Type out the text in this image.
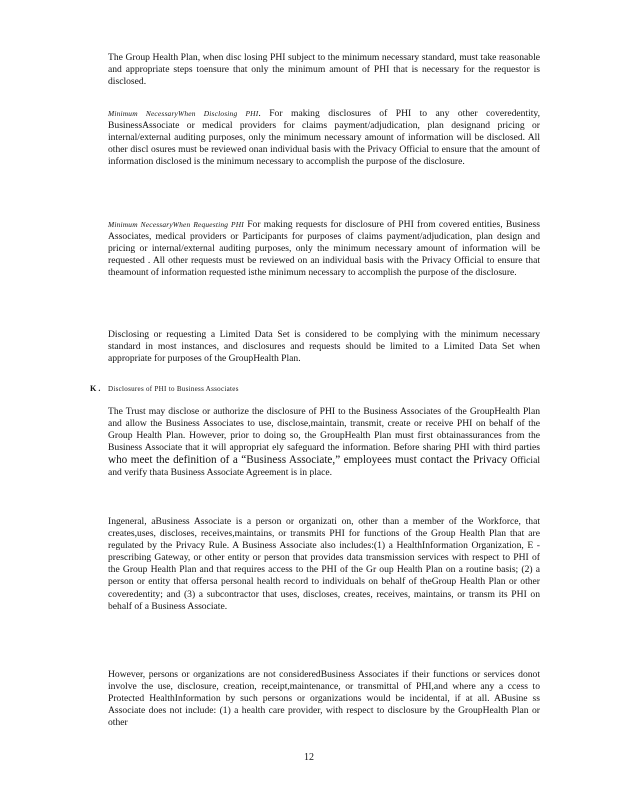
The Group Health Plan, when disc losing PHI subject to the minimum necessary standard, must take reasonable and appropriate steps toensure that only the minimum amount of PHI that is necessary for the requestor is disclosed.

Minimum NecessaryWhen Disclosing PHI. For making disclosures of PHI to any other coveredentity, BusinessAssociate or medical providers for claims payment/adjudication, plan designand pricing or internal/external auditing purposes, only the minimum necessary amount of information will be disclosed. All other discl osures must be reviewed onan individual basis with the Privacy Official to ensure that the amount of information disclosed is the minimum necessary to accomplish the purpose of the disclosure.

Minimum NecessaryWhen Requesting PHI For making requests for disclosure of PHI from covered entities, Business Associates, medical providers or Participants for purposes of claims payment/adjudication, plan design and pricing or internal/external auditing purposes, only the minimum necessary amount of information will be requested . All other requests must be reviewed on an individual basis with the Privacy Official to ensure that theamount of information requested isthe minimum necessary to accomplish the purpose of the disclosure.

Disclosing or requesting a Limited Data Set is considered to be complying with the minimum necessary standard in most instances, and disclosures and requests should be limited to a Limited Data Set when appropriate for purposes of the GroupHealth Plan.

K . Disclosures of PHI to Business Associates

The Trust may disclose or authorize the disclosure of PHI to the Business Associates of the GroupHealth Plan and allow the Business Associates to use, disclose,maintain, transmit, create or receive PHI on behalf of the Group Health Plan. However, prior to doing so, the GroupHealth Plan must first obtainassurances from the Business Associate that it will appropriat ely safeguard the information. Before sharing PHI with third parties who meet the definition of a “Business Associate,” employees must contact the Privacy Official and verify thata Business Associate Agreement is in place.

Ingeneral, aBusiness Associate is a person or organizati on, other than a member of the Workforce, that creates,uses, discloses, receives,maintains, or transmits PHI for functions of the Group Health Plan that are regulated by the Privacy Rule. A Business Associate also includes:(1) a HealthInformation Organization, E -prescribing Gateway, or other entity or person that provides data transmission services with respect to PHI of the Group Health Plan and that requires access to the PHI of the Gr oup Health Plan on a routine basis; (2) a person or entity that offersa personal health record to individuals on behalf of theGroup Health Plan or other coveredentity; and (3) a subcontractor that uses, discloses, creates, receives, maintains, or transm its PHI on behalf of a Business Associate.

However, persons or organizations are not consideredBusiness Associates if their functions or services donot involve the use, disclosure, creation, receipt,maintenance, or transmittal of PHI,and where any a ccess to Protected HealthInformation by such persons or organizations would be incidental, if at all. ABusine ss Associate does not include: (1) a health care provider, with respect to disclosure by the GroupHealth Plan or other

12
